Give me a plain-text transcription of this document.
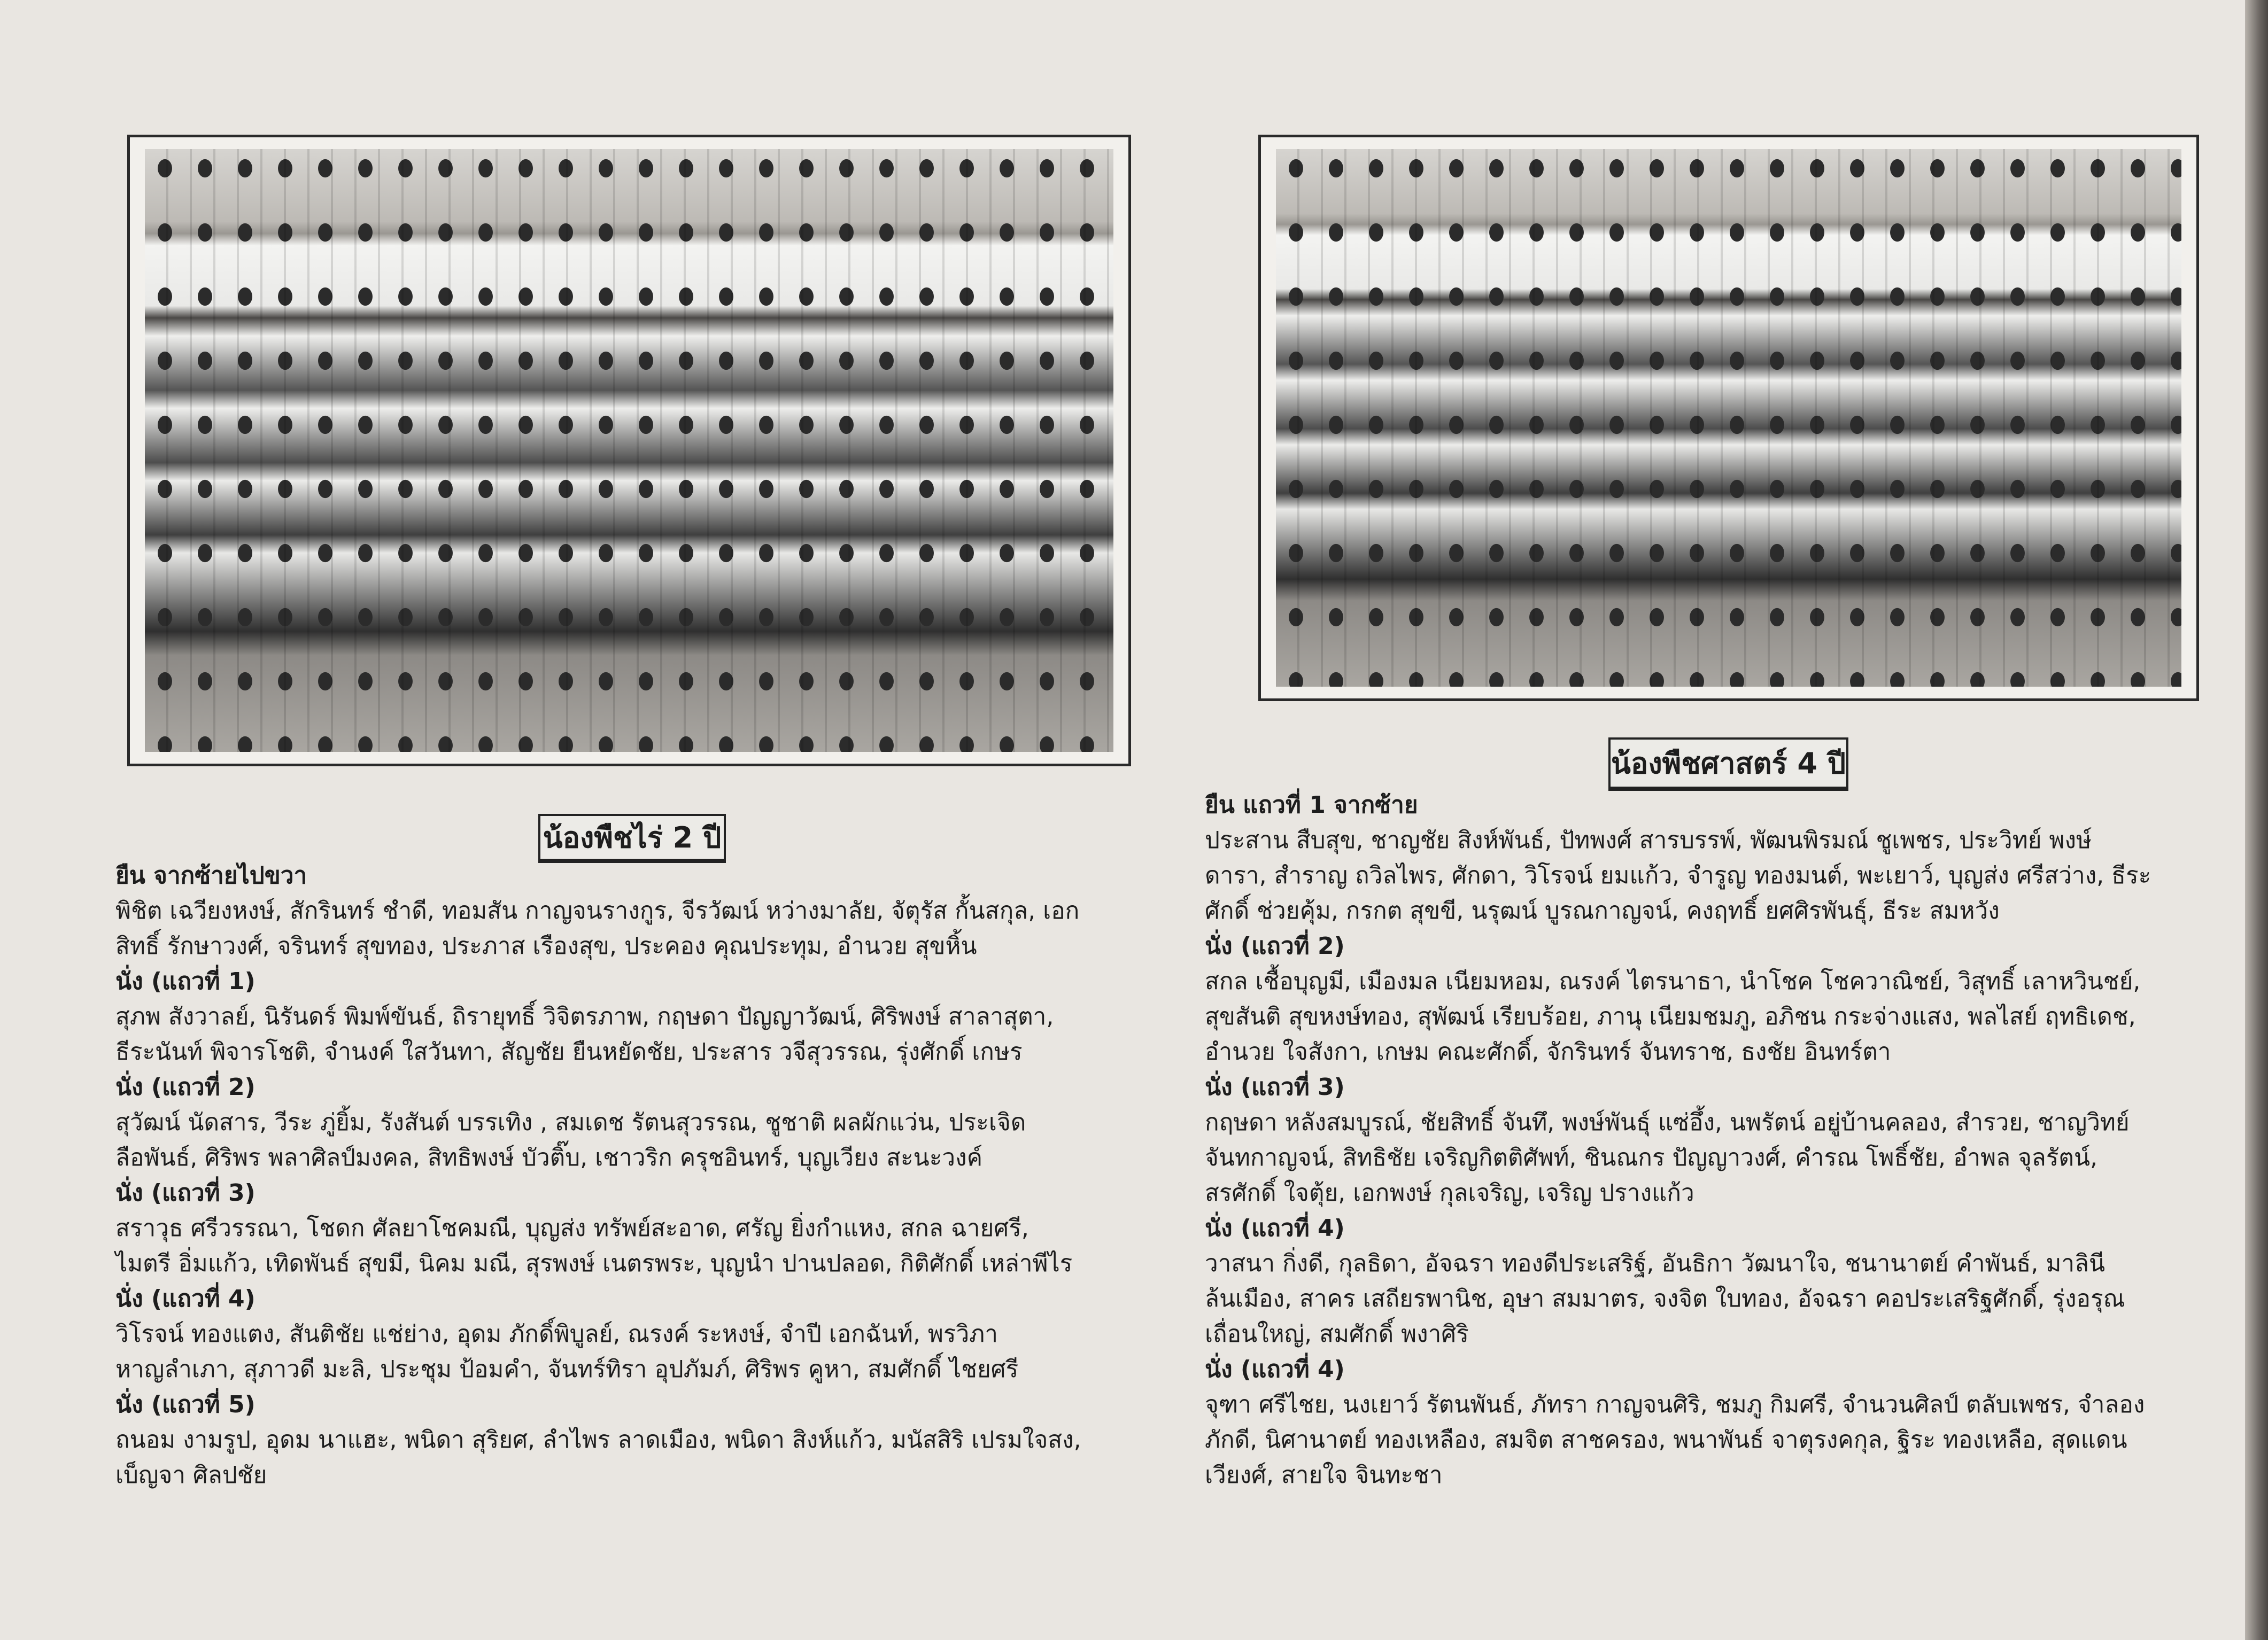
น้องพืชไร่ 2 ปี
น้องพืชศาสตร์ 4 ปี
ยืน จากซ้ายไปขวา
พิชิต เฉวียงหงษ์, สักรินทร์ ชำดี, ทอมสัน กาญจนรางกูร, จีรวัฒน์ หว่างมาลัย, จัตุรัส กั้นสกุล, เอก
สิทธิ์ รักษาวงศ์, จรินทร์ สุขทอง, ประภาส เรืองสุข, ประคอง คุณประทุม, อำนวย สุขหิ้น
นั่ง (แถวที่ 1)
สุภพ สังวาลย์, นิรันดร์ พิมพ์ขันธ์, ถิรายุทธิ์ วิจิตรภาพ, กฤษดา ปัญญาวัฒน์, ศิริพงษ์ สาลาสุตา,
ธีระนันท์ พิจารโชติ, จำนงค์ ใสวันทา, สัญชัย ยืนหยัดชัย, ประสาร วจีสุวรรณ, รุ่งศักดิ์ เกษร
นั่ง (แถวที่ 2)
สุวัฒน์ นัดสาร, วีระ ภู่ยิ้ม, รังสันต์ บรรเทิง , สมเดช รัตนสุวรรณ, ชูชาติ ผลผักแว่น, ประเจิด
ลือพันธ์, ศิริพร พลาศิลป์มงคล, สิทธิพงษ์ บัวติ๊บ, เชาวริก ครุชอินทร์, บุญเวียง สะนะวงค์
นั่ง (แถวที่ 3)
สราวุธ ศรีวรรณา, โชดก ศัลยาโชคมณี, บุญส่ง ทรัพย์สะอาด, ศรัญ ยิ่งกำแหง, สกล ฉายศรี,
ไมตรี อิ่มแก้ว, เทิดพันธ์ สุขมี, นิคม มณี, สุรพงษ์ เนตรพระ, บุญนำ ปานปลอด, กิติศักดิ์ เหล่าพีไร
นั่ง (แถวที่ 4)
วิโรจน์ ทองแตง, สันติชัย แช่ย่าง, อุดม ภักดิ์พิบูลย์, ณรงค์ ระหงษ์, จำปี เอกฉันท์, พรวิภา
หาญลำเภา, สุภาวดี มะลิ, ประชุม ป้อมคำ, จันทร์ทิรา อุปภัมภ์, ศิริพร คูหา, สมศักดิ์ ไชยศรี
นั่ง (แถวที่ 5)
ถนอม งามรูป, อุดม นาแฮะ, พนิดา สุริยศ, ลำไพร ลาดเมือง, พนิดา สิงห์แก้ว, มนัสสิริ เปรมใจสง,
เบ็ญจา ศิลปชัย
ยืน แถวที่ 1 จากซ้าย
ประสาน สืบสุข, ชาญชัย สิงห์พันธ์, ปัทพงศ์ สารบรรพ์, พัฒนพิรมณ์ ชูเพชร, ประวิทย์ พงษ์
ดารา, สำราญ ถวิลไพร, ศักดา, วิโรจน์ ยมแก้ว, จำรูญ ทองมนต์, พะเยาว์, บุญส่ง ศรีสว่าง, ธีระ
ศักดิ์ ช่วยคุ้ม, กรกต สุขขี, นรุฒน์ บูรณกาญจน์, คงฤทธิ์ ยศศิรพันธุ์, ธีระ สมหวัง
นั่ง (แถวที่ 2)
สกล เชื้อบุญมี, เมืองมล เนียมหอม, ณรงค์ ไตรนาธา, นำโชค โชควาณิชย์, วิสุทธิ์ เลาหวินชย์,
สุขสันติ สุขหงษ์ทอง, สุพัฒน์ เรียบร้อย, ภานุ เนียมชมภู, อภิชน กระจ่างแสง, พลไสย์ ฤทธิเดช,
อำนวย ใจสังกา, เกษม คณะศักดิ์, จักรินทร์ จันทราช, ธงชัย อินทร์ตา
นั่ง (แถวที่ 3)
กฤษดา หลังสมบูรณ์, ชัยสิทธิ์ จันทึ, พงษ์พันธุ์ แซ่อึ้ง, นพรัตน์ อยู่บ้านคลอง, สำรวย, ชาญวิทย์
จันทกาญจน์, สิทธิชัย เจริญกิตติศัพท์, ชินณกร ปัญญาวงศ์, คำรณ โพธิ์ชัย, อำพล จุลรัตน์,
สรศักดิ์ ใจตุ้ย, เอกพงษ์ กุลเจริญ, เจริญ ปรางแก้ว
นั่ง (แถวที่ 4)
วาสนา กิ่งดี, กุลธิดา, อัจฉรา ทองดีประเสริฐ์, อันธิกา วัฒนาใจ, ชนานาตย์ คำพันธ์, มาลินี
ล้นเมือง, สาคร เสถียรพานิช, อุษา สมมาตร, จงจิต ใบทอง, อัจฉรา คอประเสริฐศักดิ์, รุ่งอรุณ
เถื่อนใหญ่, สมศักดิ์ พงาศิริ
นั่ง (แถวที่ 4)
จุฑา ศรีไชย, นงเยาว์ รัตนพันธ์, ภัทรา กาญจนศิริ, ชมภู กิมศรี, จำนวนศิลป์ ตลับเพชร, จำลอง
ภักดี, นิศานาตย์ ทองเหลือง, สมจิต สาชครอง, พนาพันธ์ จาตุรงคกุล, ฐิระ ทองเหลือ, สุดแดน
เวียงศ์, สายใจ จินทะชา
